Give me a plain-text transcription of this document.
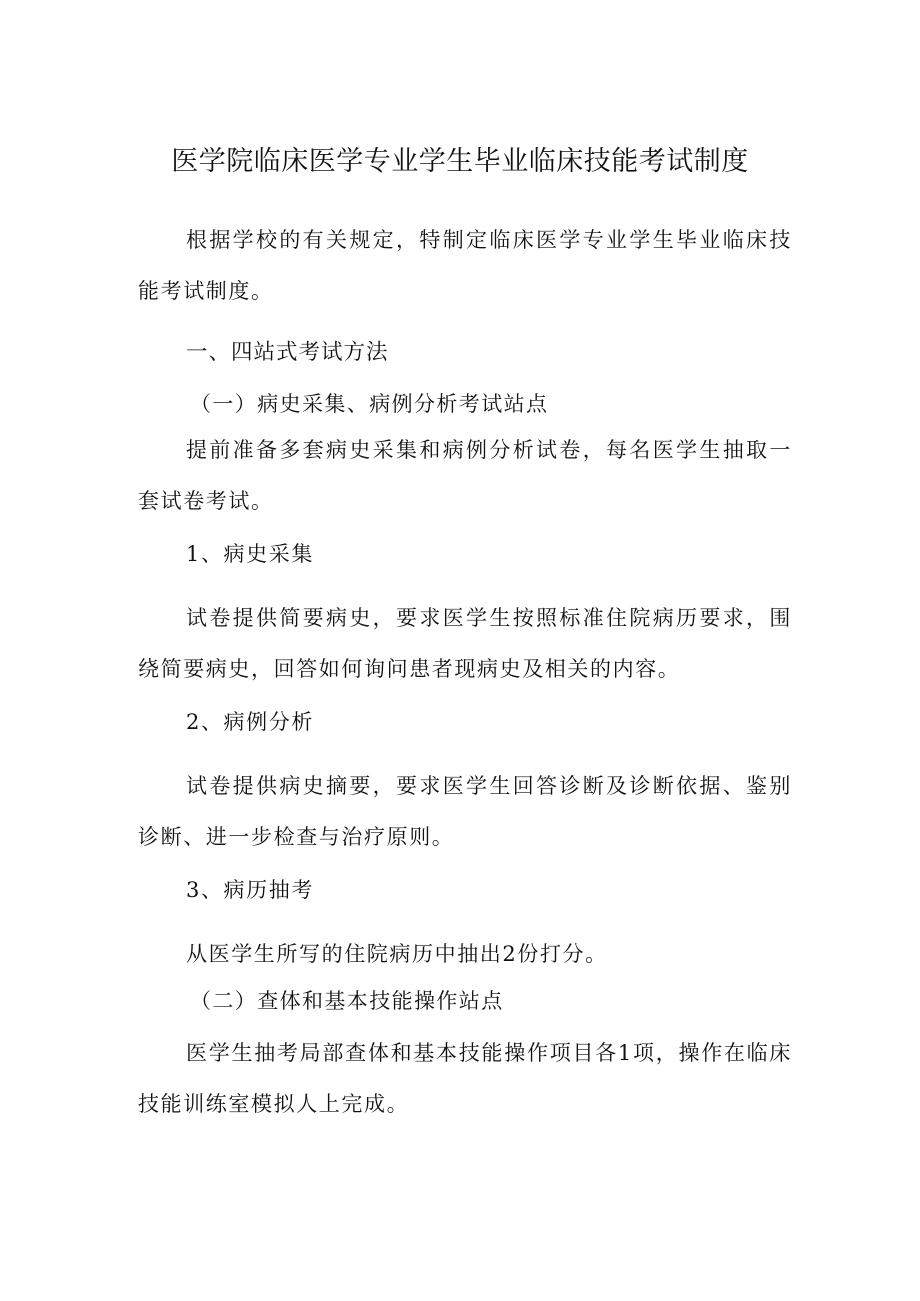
医学院临床医学专业学生毕业临床技能考试制度

根据学校的有关规定，特制定临床医学专业学生毕业临床技能考试制度。

一、四站式考试方法
（一）病史采集、病例分析考试站点

提前准备多套病史采集和病例分析试卷，每名医学生抽取一套试卷考试。

1、病史采集

试卷提供简要病史，要求医学生按照标准住院病历要求，围绕简要病史，回答如何询问患者现病史及相关的内容。

2、病例分析

试卷提供病史摘要，要求医学生回答诊断及诊断依据、鉴别诊断、进一步检查与治疗原则。

3、病历抽考

从医学生所写的住院病历中抽出2份打分。

（二）查体和基本技能操作站点

医学生抽考局部查体和基本技能操作项目各1项，操作在临床技能训练室模拟人上完成。
